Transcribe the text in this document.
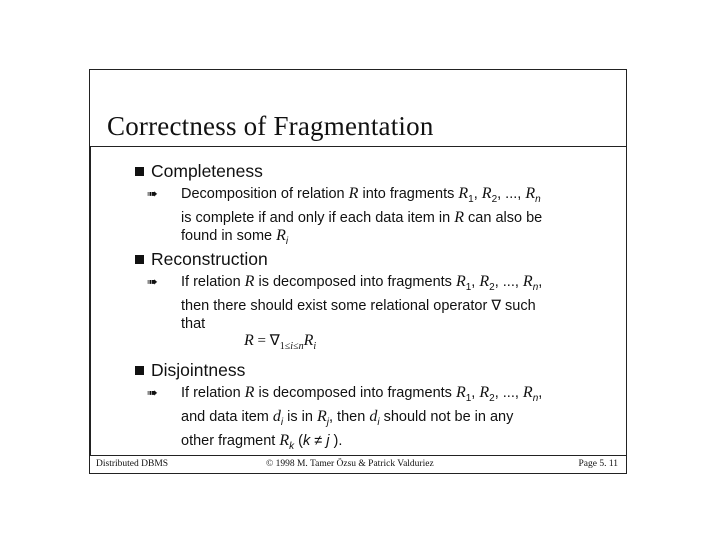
Correctness of Fragmentation
Completeness
➠	Decomposition of relation R into fragments $R_1$, $R_2$, ..., $R_n$
is complete if and only if each data item in R can also be
found in some $R_i$
Reconstruction
➠	If relation R is decomposed into fragments $R_1$, $R_2$, ..., $R_n$,
then there should exist some relational operator ∇ such
that
$R = \nabla_{1\le i\le n}R_i$
Disjointness
➠	If relation R is decomposed into fragments $R_1$, $R_2$, ..., $R_n$,
and data item $d_i$ is in $R_j$, then $d_i$ should not be in any
other fragment $R_k$ (k ≠ j ).
Distributed DBMS	© 1998 M. Tamer Özsu & Patrick Valduriez	Page 5. 11
